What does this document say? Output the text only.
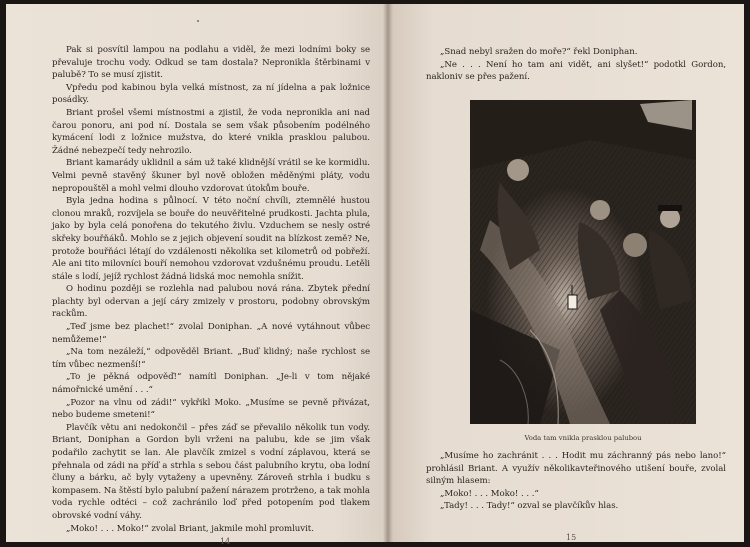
Pak si posvítil lampou na podlahu a viděl, že mezi lodními boky se převaluje trochu vody. Odkud se tam dostala? Nepronikla štěrbinami v palubě? To se musí zjistit.

Vpředu pod kabinou byla velká místnost, za ní jídelna a pak ložnice posádky.

Briant prošel všemi místnostmi a zjistil, že voda nepronikla ani nad čarou ponoru, ani pod ní. Dostala se sem však působením podélného kymácení lodi z ložnice mužstva, do které vnikla prasklou palubou. Žádné nebezpečí tedy nehrozilo.

Briant kamarády uklidnil a sám už také klidnější vrátil se ke kormidlu. Velmi pevně stavěný škuner byl nově obložen měděnými pláty, vodu nepropouštěl a mohl velmi dlouho vzdorovat útokům bouře.

Byla jedna hodina s půlnocí. V této noční chvíli, ztemnělé hustou clonou mraků, rozvíjela se bouře do neuvěřitelné prudkosti. Jachta plula, jako by byla celá ponořena do tekutého živlu. Vzduchem se nesly ostré skřeky bouřňáků. Mohlo se z jejich objevení soudit na blízkost země? Ne, protože bouřňáci létají do vzdálenosti několika set kilometrů od pobřeží. Ale ani tito milovníci bouří nemohou vzdorovat vzdušnému proudu. Letěli stále s lodí, jejíž rychlost žádná lidská moc nemohla snížit.

O hodinu později se rozlehla nad palubou nová rána. Zbytek přední plachty byl odervan a její cáry zmizely v prostoru, podobny obrovským rackům.

„Teď jsme bez plachet!“ zvolal Doniphan. „A nové vytáhnout vůbec nemůžeme!“

„Na tom nezáleží,“ odpověděl Briant. „Buď klidný; naše rychlost se tím vůbec nezmenší!“

„To je pěkná odpověď!“ namítl Doniphan. „Je-li v tom nějaké námořnické umění . . .“

„Pozor na vlnu od zádi!“ vykřikl Moko. „Musíme se pevně přivázat, nebo budeme smeteni!“

Plavčík větu ani nedokončil – přes záď se převalilo několik tun vody. Briant, Doniphan a Gordon byli vrženi na palubu, kde se jim však podařilo zachytit se lan. Ale plavčík zmizel s vodní záplavou, která se přehnala od zádi na příď a strhla s sebou část palubního krytu, oba lodní čluny a bárku, ač byly vytaženy a upevněny. Zároveň strhla i budku s kompasem. Na štěstí bylo palubní pažení nárazem protrženo, a tak mohla voda rychle odtéci – což zachránilo loď před potopením pod tlakem obrovské vodní váhy.

„Moko! . . . Moko!“ zvolal Briant, jakmile mohl promluvit.

14

„Snad nebyl sražen do moře?“ řekl Doniphan.

„Ne . . . Není ho tam ani vidět, ani slyšet!“ podotkl Gordon, nakloniv se přes pažení.

Voda tam vnikla prasklou palubou

„Musíme ho zachránit . . . Hodit mu záchranný pás nebo lano!“ prohlásil Briant. A využív několikavteřinového utišení bouře, zvolal silným hlasem:

„Moko! . . . Moko! . . .“

„Tady! . . . Tady!“ ozval se plavčíkův hlas.

15
